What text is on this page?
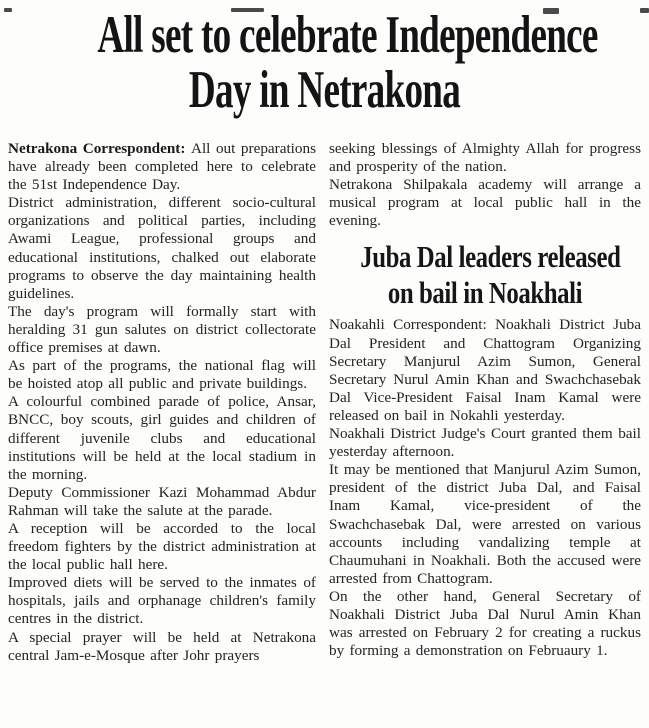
All set to celebrate Independence
Day in Netrakona

Netrakona Correspondent: All out preparations have already been completed here to celebrate the 51st Independence Day.

District administration, different socio-cultural organizations and political parties, including Awami League, professional groups and educational institutions, chalked out elaborate programs to observe the day maintaining health guidelines.

The day's program will formally start with heralding 31 gun salutes on district collectorate office premises at dawn.

As part of the programs, the national flag will be hoisted atop all public and private buildings.

A colourful combined parade of police, Ansar, BNCC, boy scouts, girl guides and children of different juvenile clubs and educational institutions will be held at the local stadium in the morning.

Deputy Commissioner Kazi Mohammad Abdur Rahman will take the salute at the parade.

A reception will be accorded to the local freedom fighters by the district administration at the local public hall here.

Improved diets will be served to the inmates of hospitals, jails and orphanage children's family centres in the district.

A special prayer will be held at Netrakona central Jam-e-Mosque after Johr prayers

seeking blessings of Almighty Allah for progress and prosperity of the nation.

Netrakona Shilpakala academy will arrange a musical program at local public hall in the evening.

Juba Dal leaders released
on bail in Noakhali

Noakahli Correspondent: Noakhali District Juba Dal President and Chattogram Organizing Secretary Manjurul Azim Sumon, General Secretary Nurul Amin Khan and Swachchasebak Dal Vice-President Faisal Inam Kamal were released on bail in Nokahli yesterday.

Noakhali District Judge's Court granted them bail yesterday afternoon.

It may be mentioned that Manjurul Azim Sumon, president of the district Juba Dal, and Faisal Inam Kamal, vice-president of the Swachchasebak Dal, were arrested on various accounts including vandalizing temple at Chaumuhani in Noakhali. Both the accused were arrested from Chattogram.

On the other hand, General Secretary of Noakhali District Juba Dal Nurul Amin Khan was arrested on February 2 for creating a ruckus by forming a demonstration on Februaury 1.
